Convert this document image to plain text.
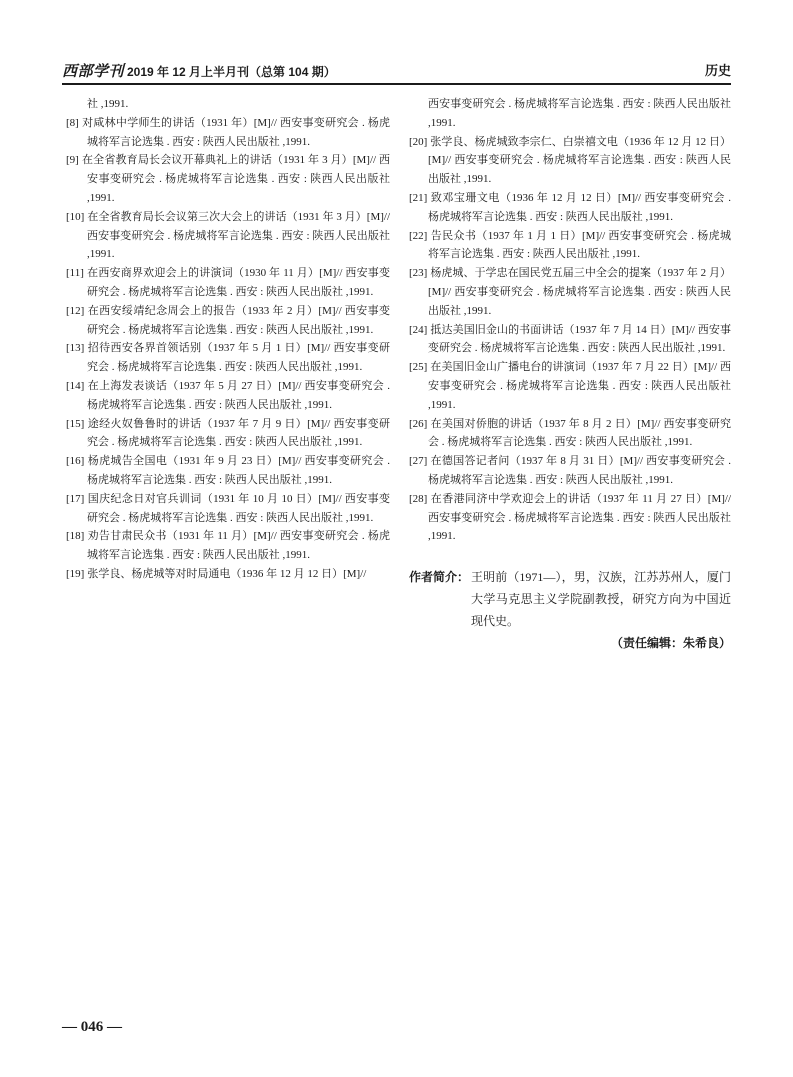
西部学刊 2019 年 12 月上半月刊（总第 104 期）	历史

社 ,1991.

[8] 对咸林中学师生的讲话（1931 年）[M]// 西安事变研究会 . 杨虎城将军言论选集 . 西安 : 陕西人民出版社 ,1991.

[9] 在全省教育局长会议开幕典礼上的讲话（1931 年 3 月）[M]// 西安事变研究会 . 杨虎城将军言论选集 . 西安 : 陕西人民出版社 ,1991.

[10] 在全省教育局长会议第三次大会上的讲话（1931 年 3 月）[M]// 西安事变研究会 . 杨虎城将军言论选集 . 西安 : 陕西人民出版社 ,1991.

[11] 在西安商界欢迎会上的讲演词（1930 年 11 月）[M]// 西安事变研究会 . 杨虎城将军言论选集 . 西安 : 陕西人民出版社 ,1991.

[12] 在西安绥靖纪念周会上的报告（1933 年 2 月）[M]// 西安事变研究会 . 杨虎城将军言论选集 . 西安 : 陕西人民出版社 ,1991.

[13] 招待西安各界首领话别（1937 年 5 月 1 日）[M]// 西安事变研究会 . 杨虎城将军言论选集 . 西安 : 陕西人民出版社 ,1991.

[14] 在上海发表谈话（1937 年 5 月 27 日）[M]// 西安事变研究会 . 杨虎城将军言论选集 . 西安 : 陕西人民出版社 ,1991.

[15] 途经火奴鲁鲁时的讲话（1937 年 7 月 9 日）[M]// 西安事变研究会 . 杨虎城将军言论选集 . 西安 : 陕西人民出版社 ,1991.

[16] 杨虎城告全国电（1931 年 9 月 23 日）[M]// 西安事变研究会 . 杨虎城将军言论选集 . 西安 : 陕西人民出版社 ,1991.

[17] 国庆纪念日对官兵训词（1931 年 10 月 10 日）[M]// 西安事变研究会 . 杨虎城将军言论选集 . 西安 : 陕西人民出版社 ,1991.

[18] 劝告甘肃民众书（1931 年 11 月）[M]// 西安事变研究会 . 杨虎城将军言论选集 . 西安 : 陕西人民出版社 ,1991.

[19] 张学良、杨虎城等对时局通电（1936 年 12 月 12 日）[M]//

西安事变研究会 . 杨虎城将军言论选集 . 西安 : 陕西人民出版社 ,1991.

[20] 张学良、杨虎城致李宗仁、白崇禧文电（1936 年 12 月 12 日）[M]// 西安事变研究会 . 杨虎城将军言论选集 . 西安 : 陕西人民出版社 ,1991.

[21] 致邓宝珊文电（1936 年 12 月 12 日）[M]// 西安事变研究会 . 杨虎城将军言论选集 . 西安 : 陕西人民出版社 ,1991.

[22] 告民众书（1937 年 1 月 1 日）[M]// 西安事变研究会 . 杨虎城将军言论选集 . 西安 : 陕西人民出版社 ,1991.

[23] 杨虎城、于学忠在国民党五届三中全会的提案（1937 年 2 月）[M]// 西安事变研究会 . 杨虎城将军言论选集 . 西安 : 陕西人民出版社 ,1991.

[24] 抵达美国旧金山的书面讲话（1937 年 7 月 14 日）[M]// 西安事变研究会 . 杨虎城将军言论选集 . 西安 : 陕西人民出版社 ,1991.

[25] 在美国旧金山广播电台的讲演词（1937 年 7 月 22 日）[M]// 西安事变研究会 . 杨虎城将军言论选集 . 西安 : 陕西人民出版社 ,1991.

[26] 在美国对侨胞的讲话（1937 年 8 月 2 日）[M]// 西安事变研究会 . 杨虎城将军言论选集 . 西安 : 陕西人民出版社 ,1991.

[27] 在德国答记者问（1937 年 8 月 31 日）[M]// 西安事变研究会 . 杨虎城将军言论选集 . 西安 : 陕西人民出版社 ,1991.

[28] 在香港同济中学欢迎会上的讲话（1937 年 11 月 27 日）[M]// 西安事变研究会 . 杨虎城将军言论选集 . 西安 : 陕西人民出版社 ,1991.

作者简介： 王明前（1971—），男，汉族，江苏苏州人，厦门大学马克思主义学院副教授，研究方向为中国近现代史。
（责任编辑：朱希良）
— 046 —
